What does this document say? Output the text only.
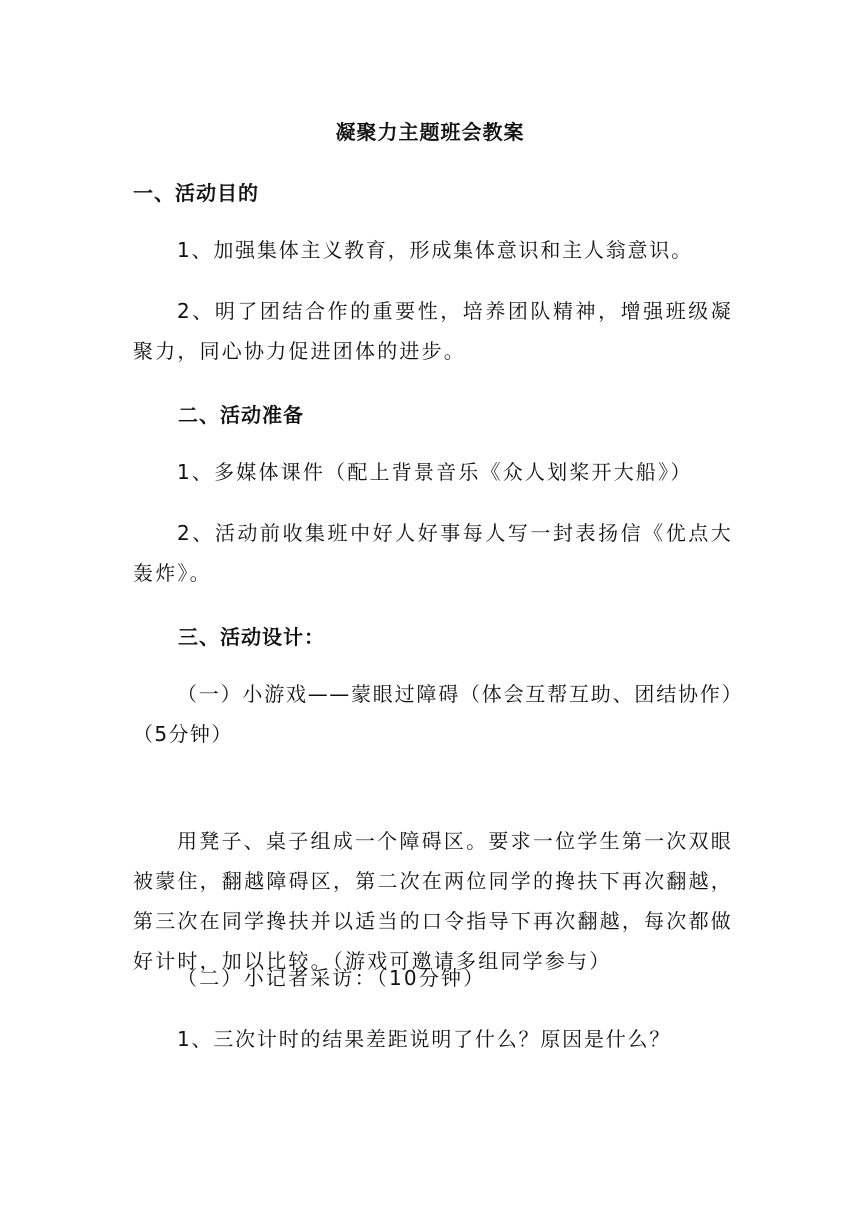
凝聚力主题班会教案
一、活动目的
1、加强集体主义教育，形成集体意识和主人翁意识。
2、明了团结合作的重要性，培养团队精神，增强班级凝聚力，同心协力促进团体的进步。
二、活动准备
1、多媒体课件（配上背景音乐《众人划桨开大船》）
2、活动前收集班中好人好事每人写一封表扬信《优点大轰炸》。
三、活动设计：
（一）小游戏——蒙眼过障碍（体会互帮互助、团结协作）（5分钟）
用凳子、桌子组成一个障碍区。要求一位学生第一次双眼被蒙住，翻越障碍区，第二次在两位同学的搀扶下再次翻越，第三次在同学搀扶并以适当的口令指导下再次翻越，每次都做好计时，加以比较。（游戏可邀请多组同学参与）
（二）小记者采访：（10分钟）
1、三次计时的结果差距说明了什么？原因是什么？
